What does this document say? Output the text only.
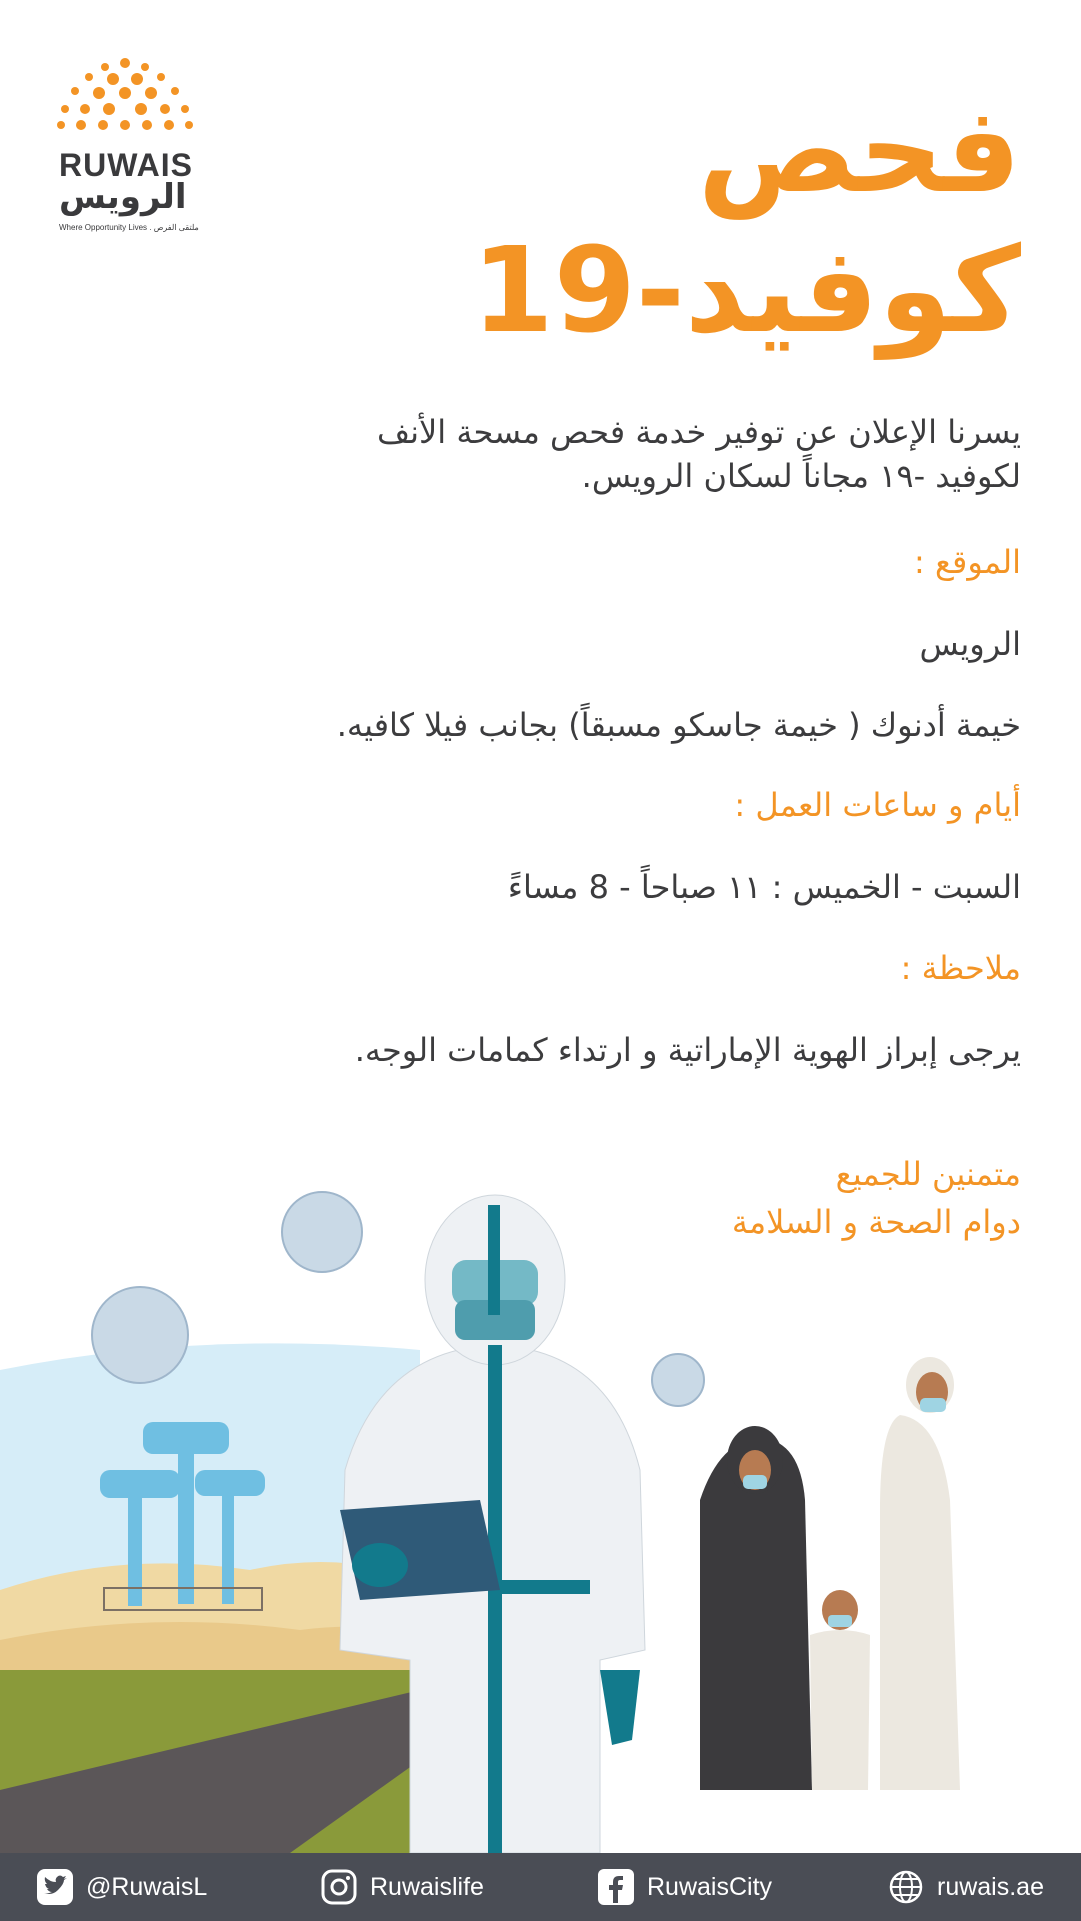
RUWAIS
الرويس
Where Opportunity Lives . ملتقى الفرص
فحص
كوفيد-19
يسرنا الإعلان عن توفير خدمة فحص مسحة الأنف
لكوفيد -١٩ مجاناً لسكان الرويس.
الموقع :
الرويس
خيمة أدنوك ( خيمة جاسكو مسبقاً) بجانب فيلا كافيه.
أيام و ساعات العمل :
السبت - الخميس : ١١ صباحاً - 8 مساءً
ملاحظة :
يرجى إبراز الهوية الإماراتية و ارتداء كمامات الوجه.
متمنين للجميع
دوام الصحة و السلامة
@RuwaisL	Ruwaislife	RuwaisCity	ruwais.ae
